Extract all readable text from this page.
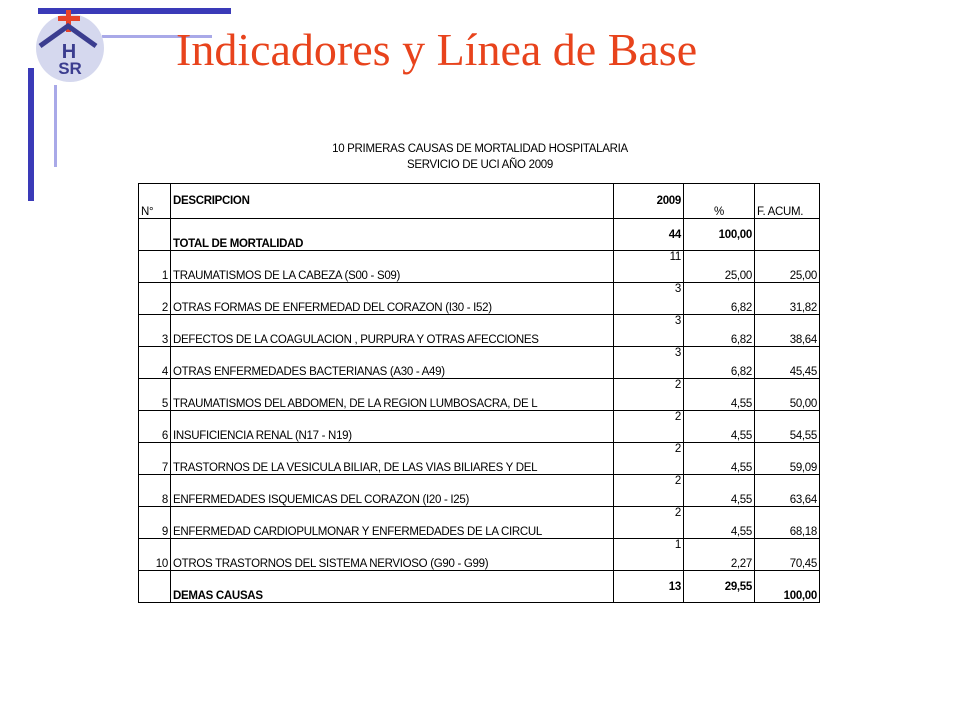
H
SR Indicadores y Línea de Base
10 PRIMERAS CAUSAS DE MORTALIDAD HOSPITALARIA
SERVICIO DE UCI AÑO 2009
N°	DESCRIPCION	2009	%	F. ACUM.
	TOTAL DE MORTALIDAD	44	100,00	
1	TRAUMATISMOS DE LA CABEZA (S00 - S09)	11	25,00	25,00
2	OTRAS FORMAS DE ENFERMEDAD DEL CORAZON (I30 - I52)	3	6,82	31,82
3	DEFECTOS DE LA COAGULACION , PURPURA Y OTRAS AFECCIONES	3	6,82	38,64
4	OTRAS ENFERMEDADES BACTERIANAS (A30 - A49)	3	6,82	45,45
5	TRAUMATISMOS DEL ABDOMEN, DE LA REGION LUMBOSACRA, DE L	2	4,55	50,00
6	INSUFICIENCIA RENAL (N17 - N19)	2	4,55	54,55
7	TRASTORNOS DE LA VESICULA BILIAR, DE LAS VIAS BILIARES Y DEL	2	4,55	59,09
8	ENFERMEDADES ISQUEMICAS DEL CORAZON (I20 - I25)	2	4,55	63,64
9	ENFERMEDAD CARDIOPULMONAR Y ENFERMEDADES DE LA CIRCUL	2	4,55	68,18
10	OTROS TRASTORNOS DEL SISTEMA NERVIOSO (G90 - G99)	1	2,27	70,45
	DEMAS CAUSAS	13	29,55	100,00
